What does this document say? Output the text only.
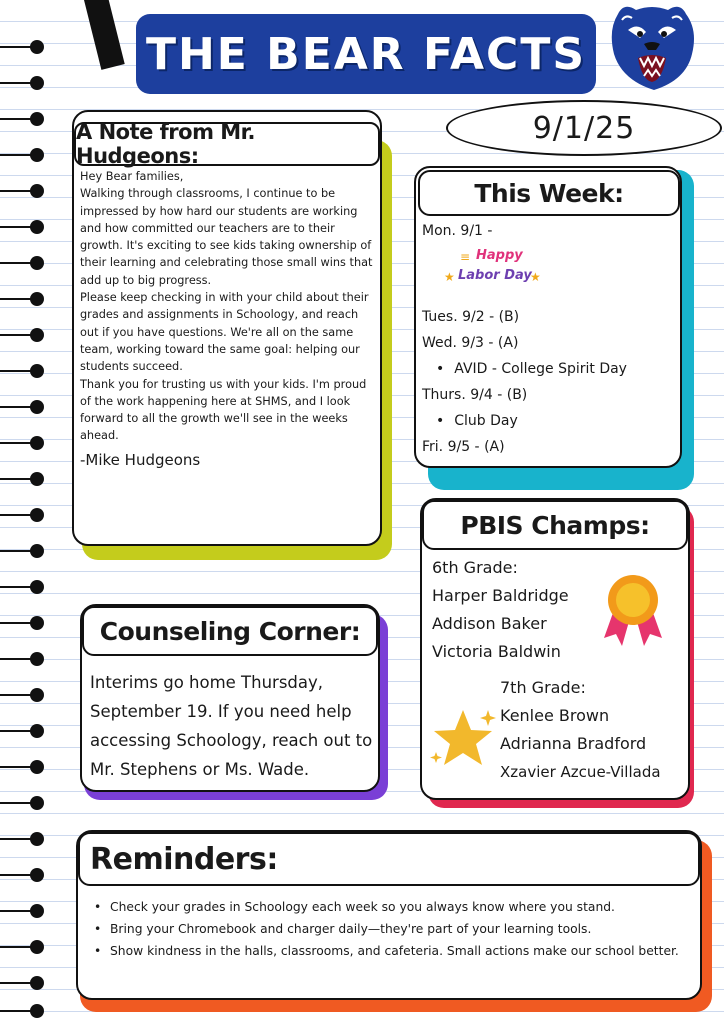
THE BEAR FACTS
9/1/25
A Note from Mr. Hudgeons:
Hey Bear families,
Walking through classrooms, I continue to be impressed by how hard our students are working and how committed our teachers are to their growth. It's exciting to see kids taking ownership of their learning and celebrating those small wins that add up to big progress.
Please keep checking in with your child about their grades and assignments in Schoology, and reach out if you have questions. We're all on the same team, working toward the same goal: helping our students succeed.
Thank you for trusting us with your kids. I'm proud of the work happening here at SHMS, and I look forward to all the growth we'll see in the weeks ahead.
-Mike Hudgeons
This Week:
Mon. 9/1 -
≡ Happy
★ Labor Day
★
Tues. 9/2 - (B)
Wed. 9/3 - (A)
• AVID - College Spirit Day
Thurs. 9/4 - (B)
• Club Day
Fri. 9/5 - (A)
PBIS Champs:
6th Grade:
Harper Baldridge
Addison Baker
Victoria Baldwin
7th Grade:
Kenlee Brown
Adrianna Bradford
Xzavier Azcue-Villada
Counseling Corner:
Interims go home Thursday, September 19. If you need help accessing Schoology, reach out to Mr. Stephens or Ms. Wade.
Reminders:
• Check your grades in Schoology each week so you always know where you stand.
• Bring your Chromebook and charger daily—they're part of your learning tools.
• Show kindness in the halls, classrooms, and cafeteria. Small actions make our school better.
